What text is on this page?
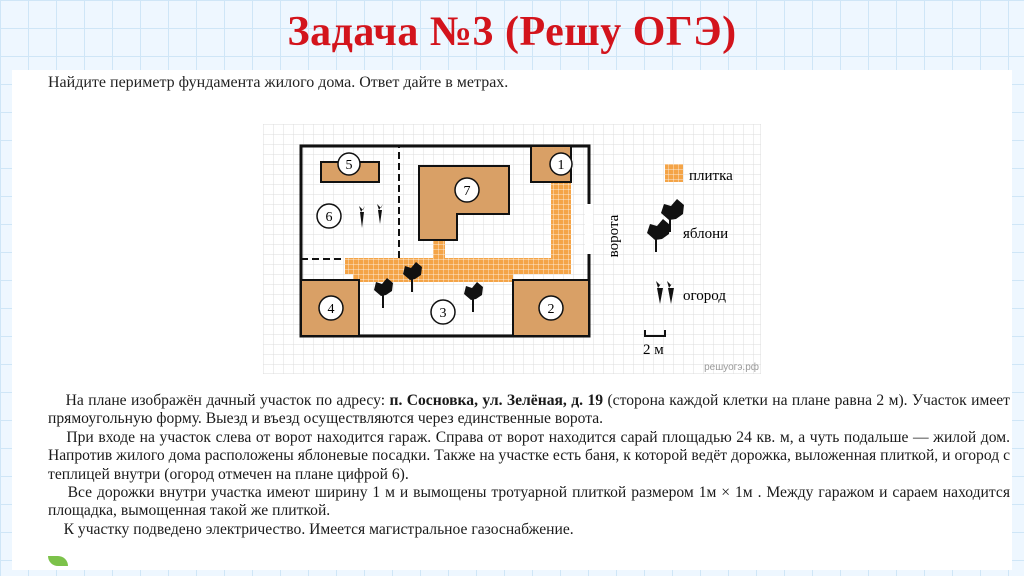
Задача №3 (Решу ОГЭ)
Найдите периметр фундамента жилого дома. Ответ дайте в метрах.
1
2
3
4
5
6
7
ворота
плитка
яблони
огород
2 м
решуогэ.рф

На плане изображён дачный участок по адресу: п. Сосновка, ул. Зелёная, д. 19 (сторона каждой клетки на плане равна 2 м). Участок имеет прямоугольную форму. Выезд и въезд осуществляются через единственные ворота.

При входе на участок слева от ворот находится гараж. Справа от ворот находится сарай площадью 24 кв. м, а чуть подальше — жилой дом. Напротив жилого дома расположены яблоневые посадки. Также на участке есть баня, к которой ведёт дорожка, выложенная плиткой, и огород с теплицей внутри (огород отмечен на плане цифрой 6).

Все дорожки внутри участка имеют ширину 1 м и вымощены тротуарной плиткой размером 1м × 1м . Между гаражом и сараем находится площадка, вымощенная такой же плиткой.

К участку подведено электричество. Имеется магистральное газоснабжение.
